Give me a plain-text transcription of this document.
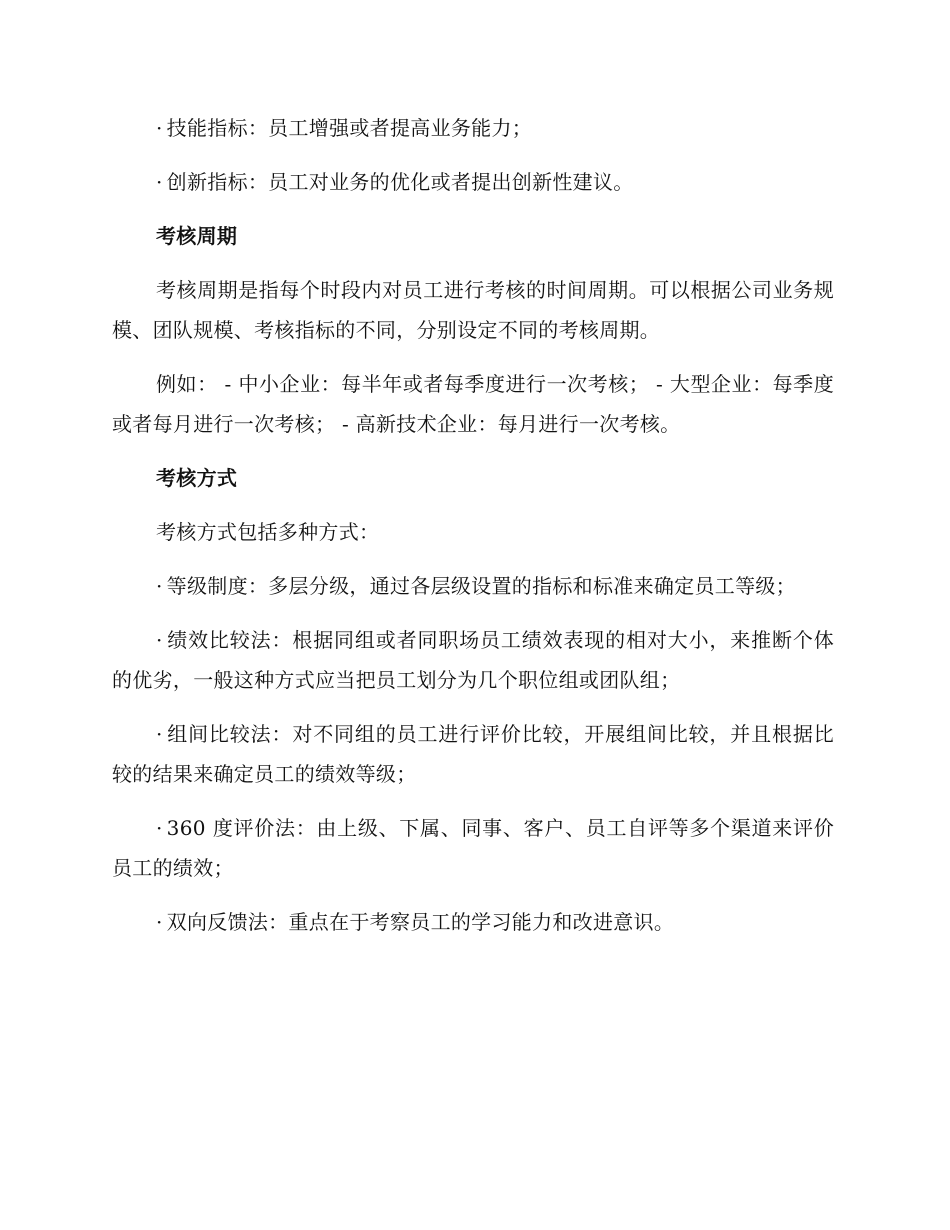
· 技能指标：员工增强或者提高业务能力；

· 创新指标：员工对业务的优化或者提出创新性建议。

考核周期

考核周期是指每个时段内对员工进行考核的时间周期。可以根据公司业务规模、团队规模、考核指标的不同，分别设定不同的考核周期。

例如： - 中小企业：每半年或者每季度进行一次考核； - 大型企业：每季度或者每月进行一次考核； - 高新技术企业：每月进行一次考核。

考核方式

考核方式包括多种方式：

· 等级制度：多层分级，通过各层级设置的指标和标准来确定员工等级；

· 绩效比较法：根据同组或者同职场员工绩效表现的相对大小，来推断个体的优劣，一般这种方式应当把员工划分为几个职位组或团队组；

· 组间比较法：对不同组的员工进行评价比较，开展组间比较，并且根据比较的结果来确定员工的绩效等级；

· 360 度评价法：由上级、下属、同事、客户、员工自评等多个渠道来评价员工的绩效；

· 双向反馈法：重点在于考察员工的学习能力和改进意识。
